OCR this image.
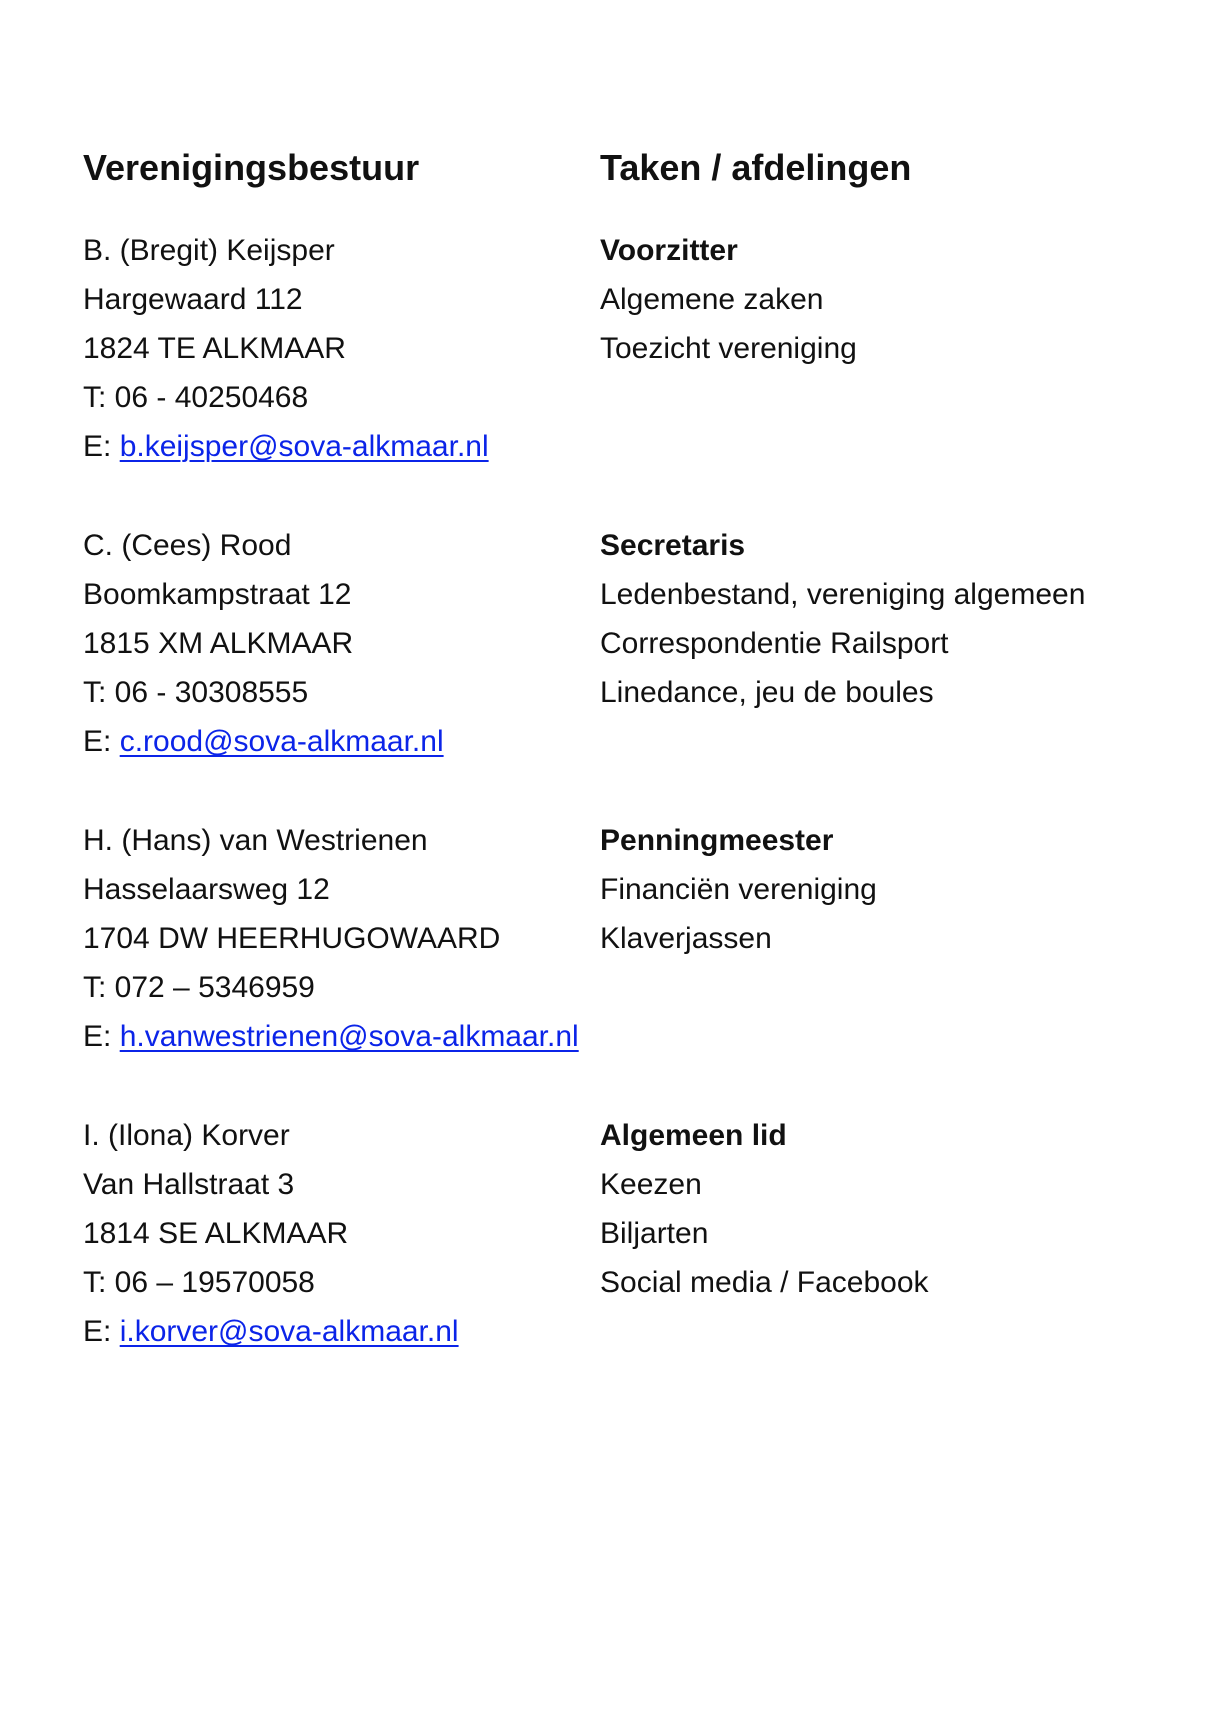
Verenigingsbestuur	Taken / afdelingen
B. (Bregit) Keijsper
Hargewaard 112
1824 TE ALKMAAR
T: 06 - 40250468
E: b.keijsper@sova-alkmaar.nl
Voorzitter
Algemene zaken
Toezicht vereniging
C. (Cees) Rood
Boomkampstraat 12
1815 XM ALKMAAR
T: 06 - 30308555
E: c.rood@sova-alkmaar.nl
Secretaris
Ledenbestand, vereniging algemeen
Correspondentie Railsport
Linedance, jeu de boules
H. (Hans) van Westrienen
Hasselaarsweg 12
1704 DW HEERHUGOWAARD
T: 072 – 5346959
E: h.vanwestrienen@sova-alkmaar.nl
Penningmeester
Financiën vereniging
Klaverjassen
I. (Ilona) Korver
Van Hallstraat 3
1814 SE ALKMAAR
T: 06 – 19570058
E: i.korver@sova-alkmaar.nl
Algemeen lid
Keezen
Biljarten
Social media / Facebook
